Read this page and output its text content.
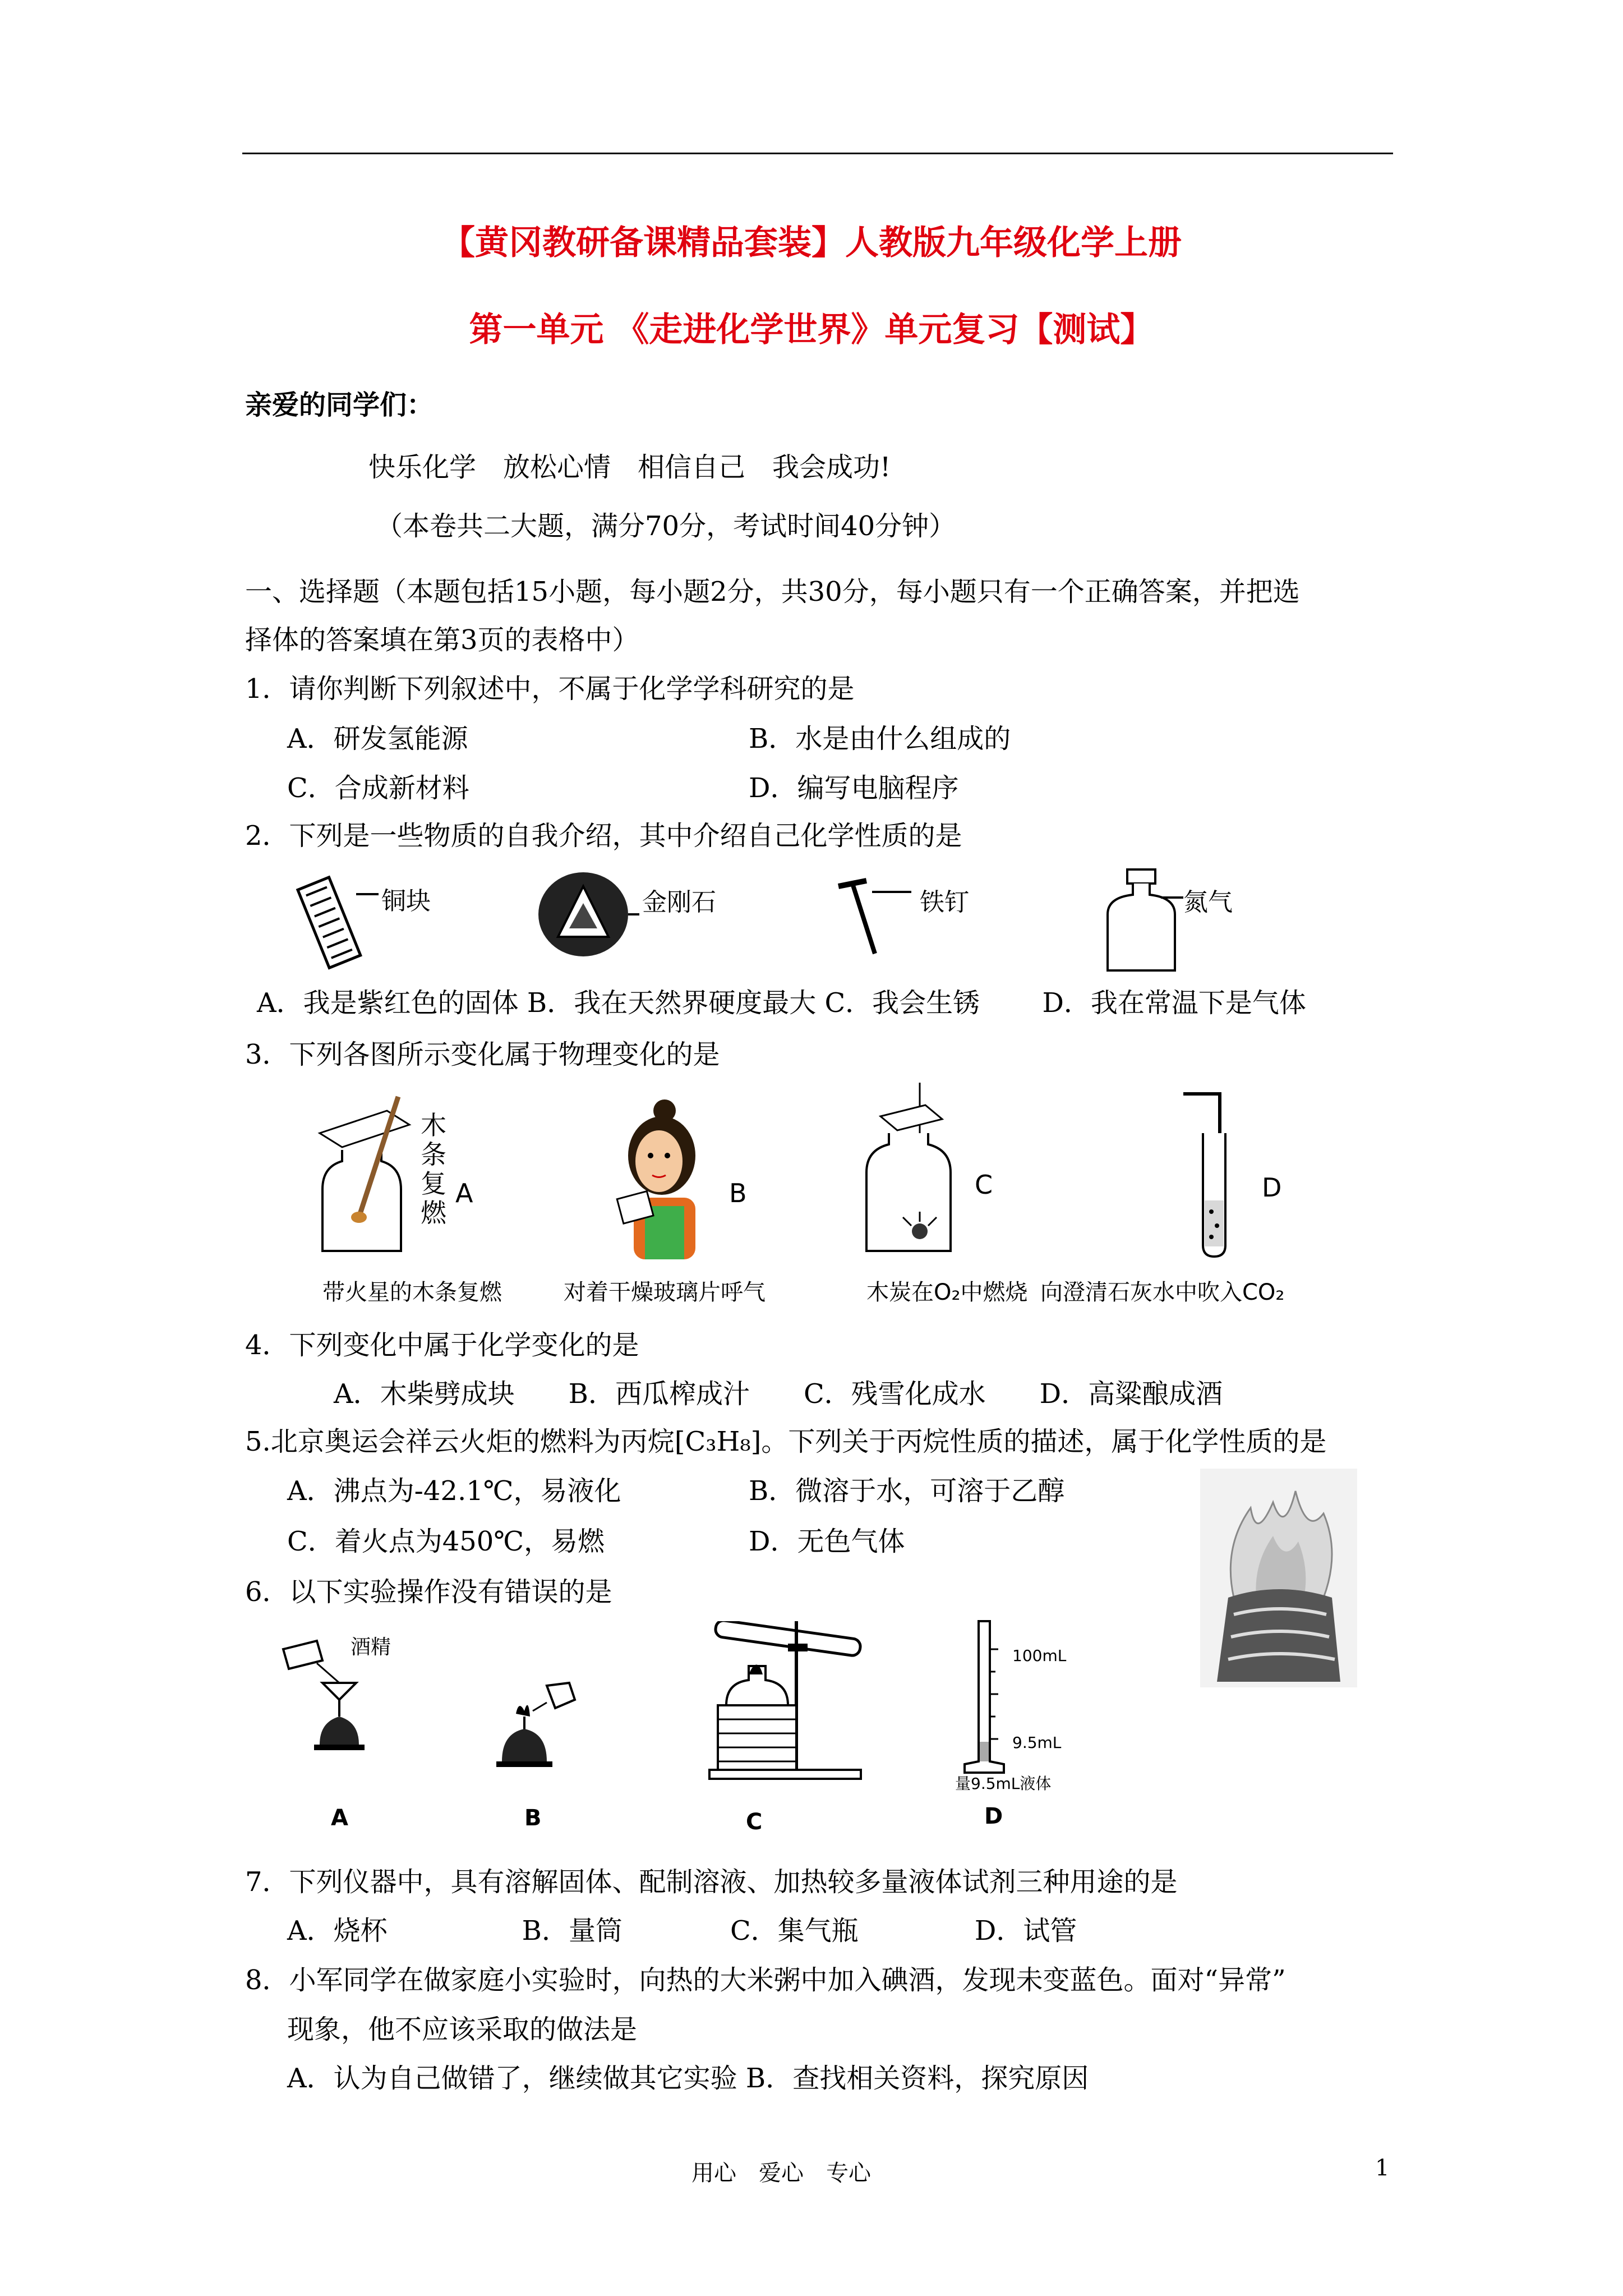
【黄冈教研备课精品套装】人教版九年级化学上册
第一单元 《走进化学世界》单元复习【测试】
亲爱的同学们：
快乐化学　放松心情　相信自己　我会成功!
（本卷共二大题，满分70分，考试时间40分钟）
一、选择题（本题包括15小题，每小题2分，共30分，每小题只有一个正确答案，并把选
择体的答案填在第3页的表格中）
1．请你判断下列叙述中，不属于化学学科研究的是
A．研发氢能源	B．水是由什么组成的
C．合成新材料	D．编写电脑程序
2．下列是一些物质的自我介绍，其中介绍自己化学性质的是
铜块	金刚石	铁钉	氮气
A．我是紫红色的固体 B．我在天然界硬度最大 C．我会生锈　　 D．我在常温下是气体
3．下列各图所示变化属于物理变化的是
木条复燃
A	B	C	D
带火星的木条复燃	对着干燥玻璃片呼气	木炭在O₂中燃烧 向澄清石灰水中吹入CO₂
4．下列变化中属于化学变化的是
A．木柴劈成块　　B．西瓜榨成汁　　C．残雪化成水　　D．高粱酿成酒
5.北京奥运会祥云火炬的燃料为丙烷[C₃H₈]。下列关于丙烷性质的描述，属于化学性质的是
A．沸点为-42.1℃，易液化	B．微溶于水，可溶于乙醇
C．着火点为450℃，易燃	D．无色气体
6．以下实验操作没有错误的是
酒精
A	B	C
100mL
9.5mL
量9.5mL液体
D
7．下列仪器中，具有溶解固体、配制溶液、加热较多量液体试剂三种用途的是
A．烧杯　　　　　B．量筒　　　　C．集气瓶　　　　 D．试管
8．小军同学在做家庭小实验时，向热的大米粥中加入碘酒，发现未变蓝色。面对“异常”
现象，他不应该采取的做法是
A．认为自己做错了，继续做其它实验 B．查找相关资料，探究原因
用心　爱心　专心	1
